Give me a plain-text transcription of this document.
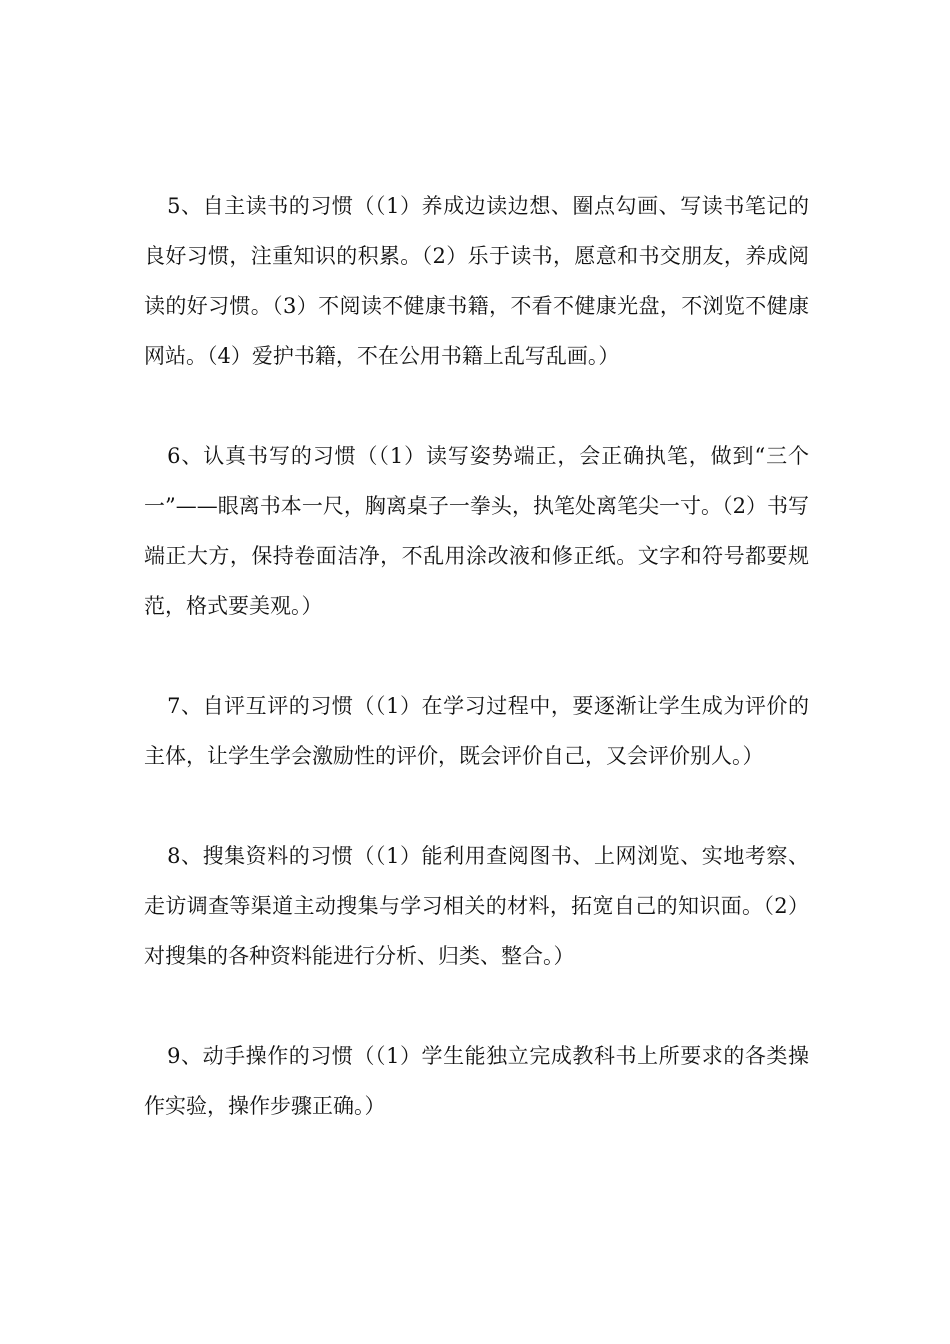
5、自主读书的习惯（（1）养成边读边想、圈点勾画、写读书笔记的良好习惯，注重知识的积累。（2）乐于读书，愿意和书交朋友，养成阅读的好习惯。（3）不阅读不健康书籍，不看不健康光盘，不浏览不健康网站。（4）爱护书籍，不在公用书籍上乱写乱画。）

6、认真书写的习惯（（1）读写姿势端正，会正确执笔，做到“三个一”——眼离书本一尺，胸离桌子一拳头，执笔处离笔尖一寸。（2）书写端正大方，保持卷面洁净，不乱用涂改液和修正纸。文字和符号都要规范，格式要美观。）

7、自评互评的习惯（（1）在学习过程中，要逐渐让学生成为评价的主体，让学生学会激励性的评价，既会评价自己，又会评价别人。）

8、搜集资料的习惯（（1）能利用查阅图书、上网浏览、实地考察、走访调查等渠道主动搜集与学习相关的材料，拓宽自己的知识面。（2）对搜集的各种资料能进行分析、归类、整合。）

9、动手操作的习惯（（1）学生能独立完成教科书上所要求的各类操作实验，操作步骤正确。）
